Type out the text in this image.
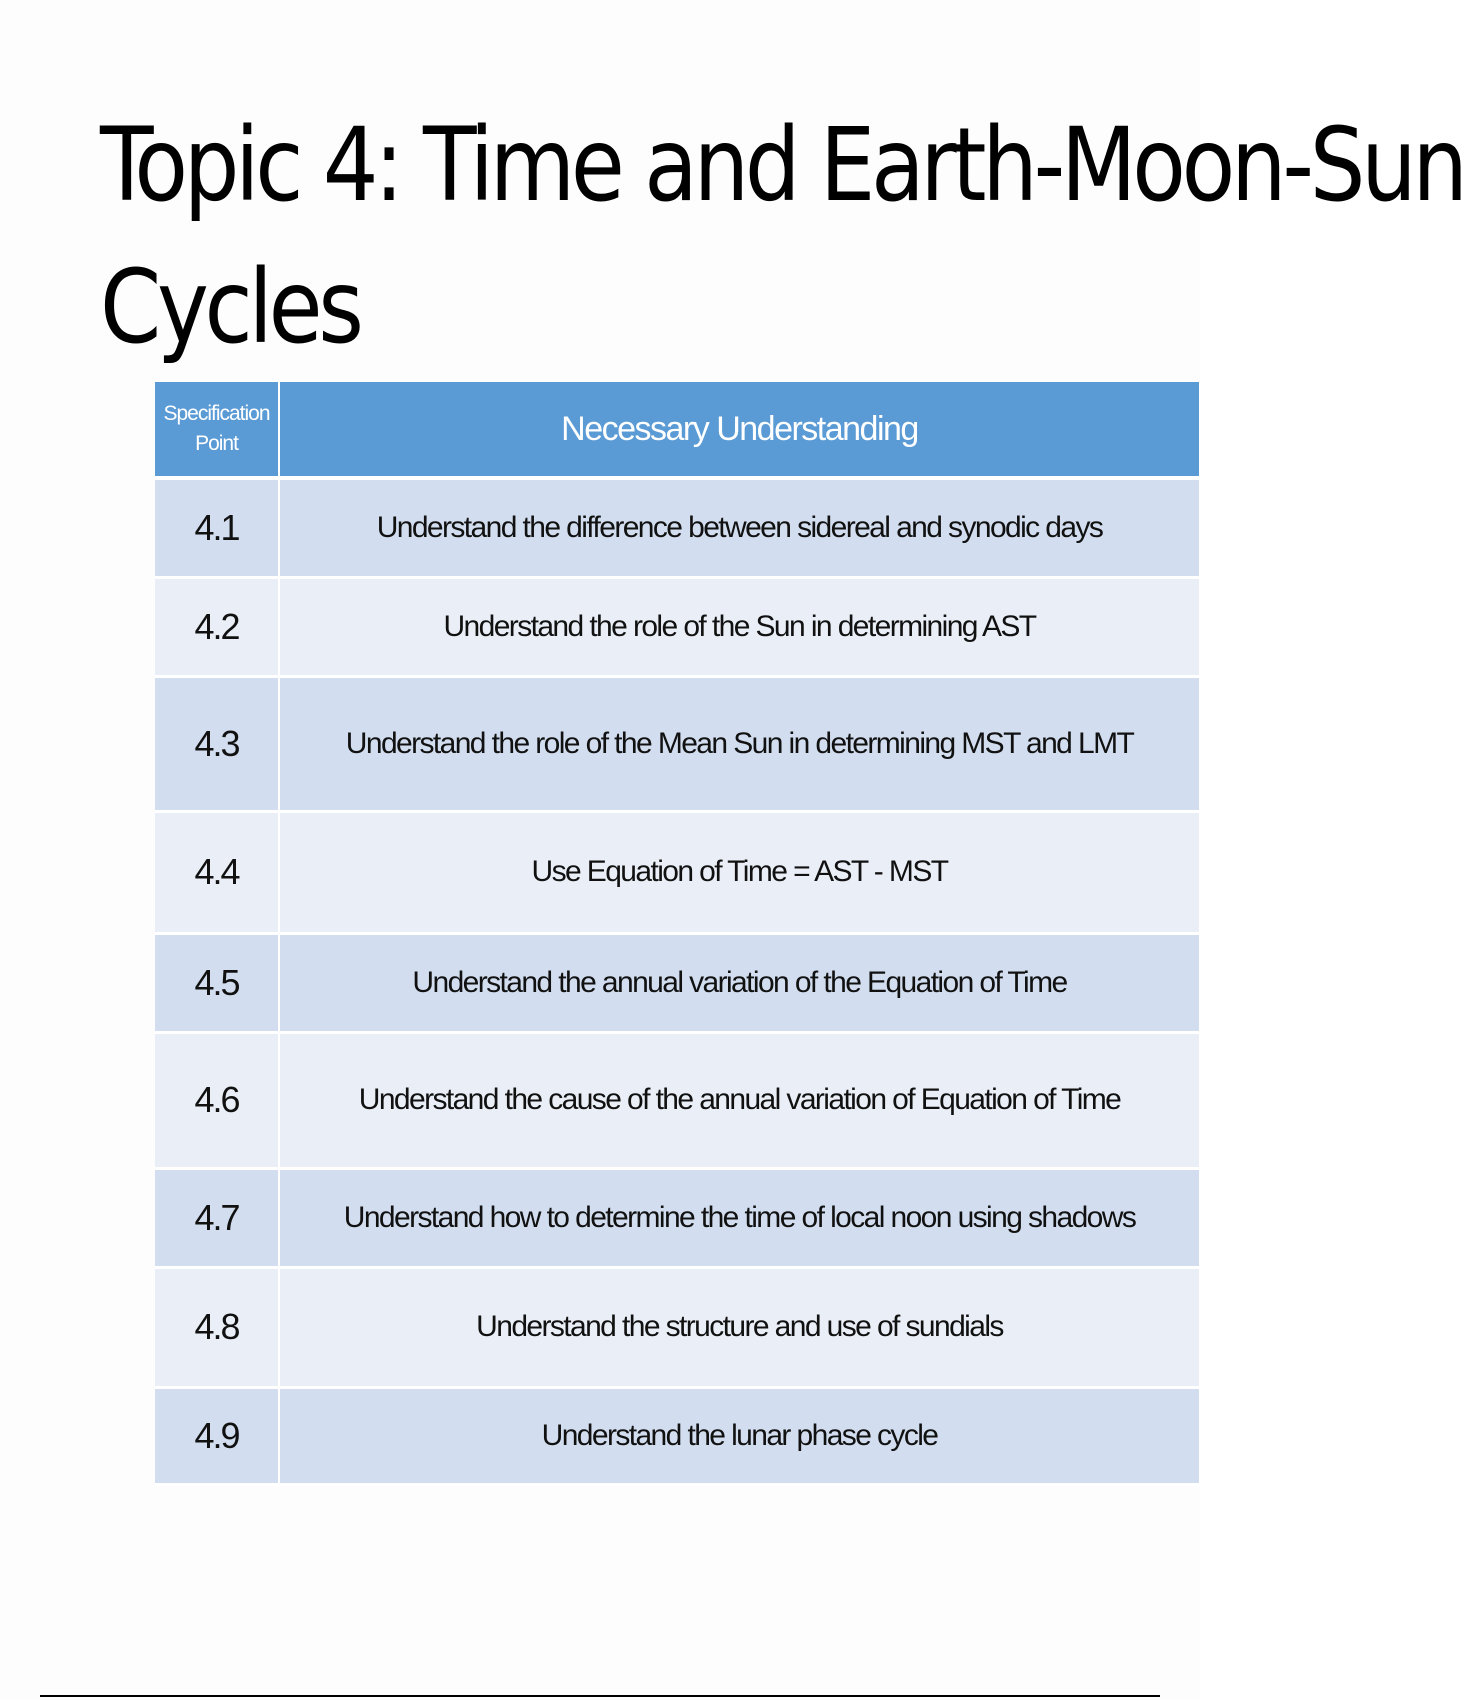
Topic 4: Time and Earth-Moon-Sun
Cycles
Specification
Point	Necessary Understanding
4.1	Understand the difference between sidereal and synodic days
4.2	Understand the role of the Sun in determining AST
4.3	Understand the role of the Mean Sun in determining MST and LMT
4.4	Use Equation of Time = AST - MST
4.5	Understand the annual variation of the Equation of Time
4.6	Understand the cause of the annual variation of Equation of Time
4.7	Understand how to determine the time of local noon using shadows
4.8	Understand the structure and use of sundials
4.9	Understand the lunar phase cycle
